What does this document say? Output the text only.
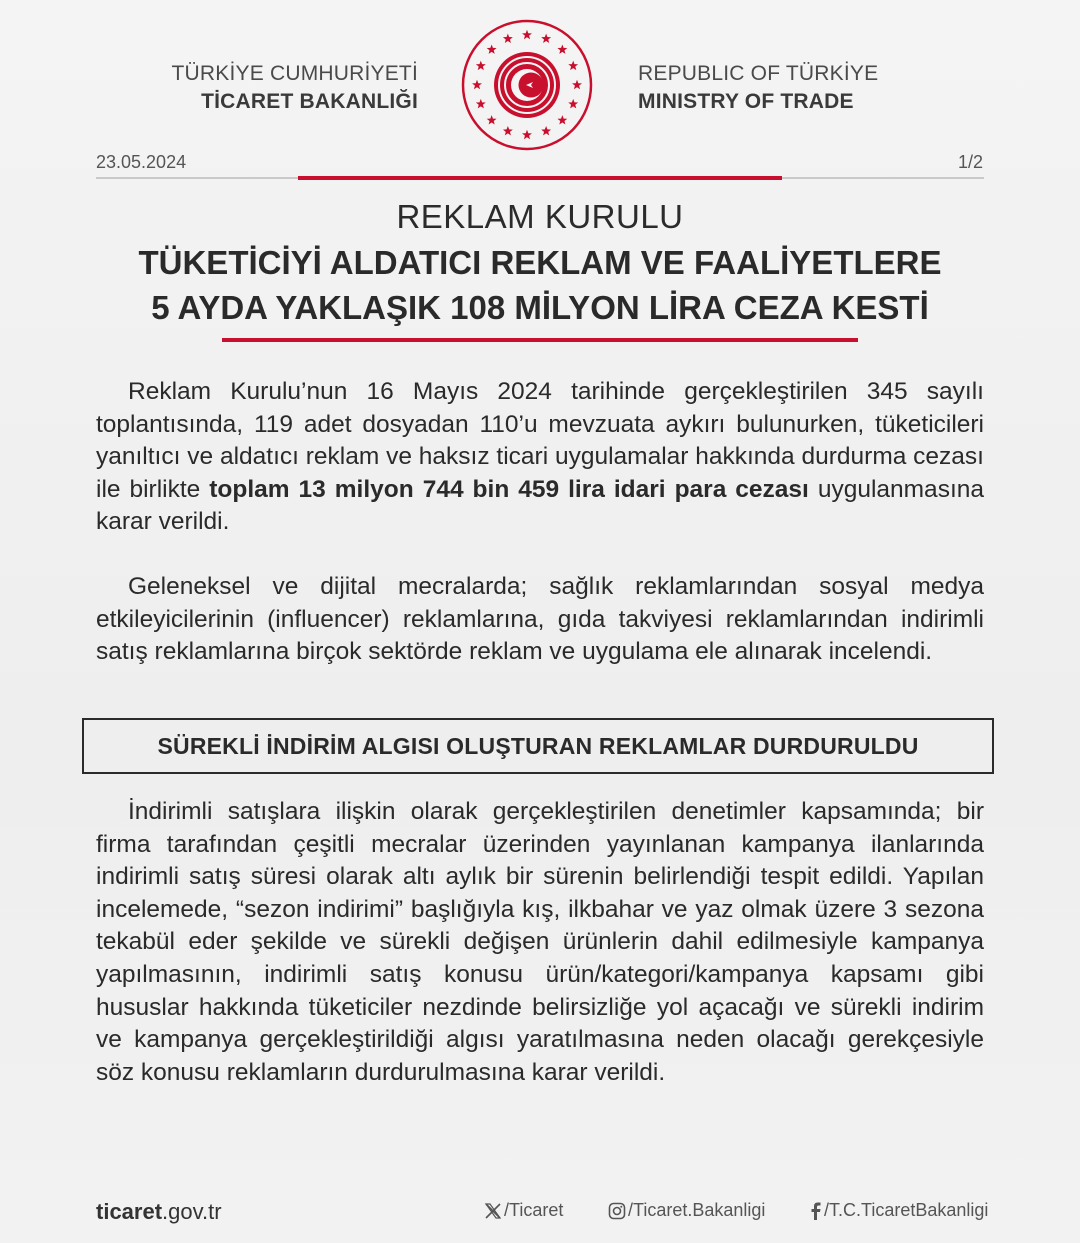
TÜRKİYE CUMHURİYETİ
TİCARET BAKANLIĞI
REPUBLIC OF TÜRKİYE
MINISTRY OF TRADE
23.05.2024	1/2
REKLAM KURULU
TÜKETİCİYİ ALDATICI REKLAM VE FAALİYETLERE
5 AYDA YAKLAŞIK 108 MİLYON LİRA CEZA KESTİ
Reklam Kurulu’nun 16 Mayıs 2024 tarihinde gerçekleştirilen 345 sayılı toplantısında, 119 adet dosyadan 110’u mevzuata aykırı bulunurken, tüketicileri yanıltıcı ve aldatıcı reklam ve haksız ticari uygulamalar hakkında durdurma cezası ile birlikte toplam 13 milyon 744 bin 459 lira idari para cezası uygulanmasına karar verildi.
Geleneksel ve dijital mecralarda; sağlık reklamlarından sosyal medya etkileyicilerinin (influencer) reklamlarına, gıda takviyesi reklamlarından indirimli satış reklamlarına birçok sektörde reklam ve uygulama ele alınarak incelendi.
SÜREKLİ İNDİRİM ALGISI OLUŞTURAN REKLAMLAR DURDURULDU
İndirimli satışlara ilişkin olarak gerçekleştirilen denetimler kapsamında; bir firma tarafından çeşitli mecralar üzerinden yayınlanan kampanya ilanlarında indirimli satış süresi olarak altı aylık bir sürenin belirlendiği tespit edildi. Yapılan incelemede, “sezon indirimi” başlığıyla kış, ilkbahar ve yaz olmak üzere 3 sezona tekabül eder şekilde ve sürekli değişen ürünlerin dahil edilmesiyle kampanya yapılmasının, indirimli satış konusu ürün/kategori/kampanya kapsamı gibi hususlar hakkında tüketiciler nezdinde belirsizliğe yol açacağı ve sürekli indirim ve kampanya gerçekleştirildiği algısı yaratılmasına neden olacağı gerekçesiyle söz konusu reklamların durdurulmasına karar verildi.
ticaret.gov.tr	/Ticaret	/Ticaret.Bakanligi	/T.C.TicaretBakanligi
